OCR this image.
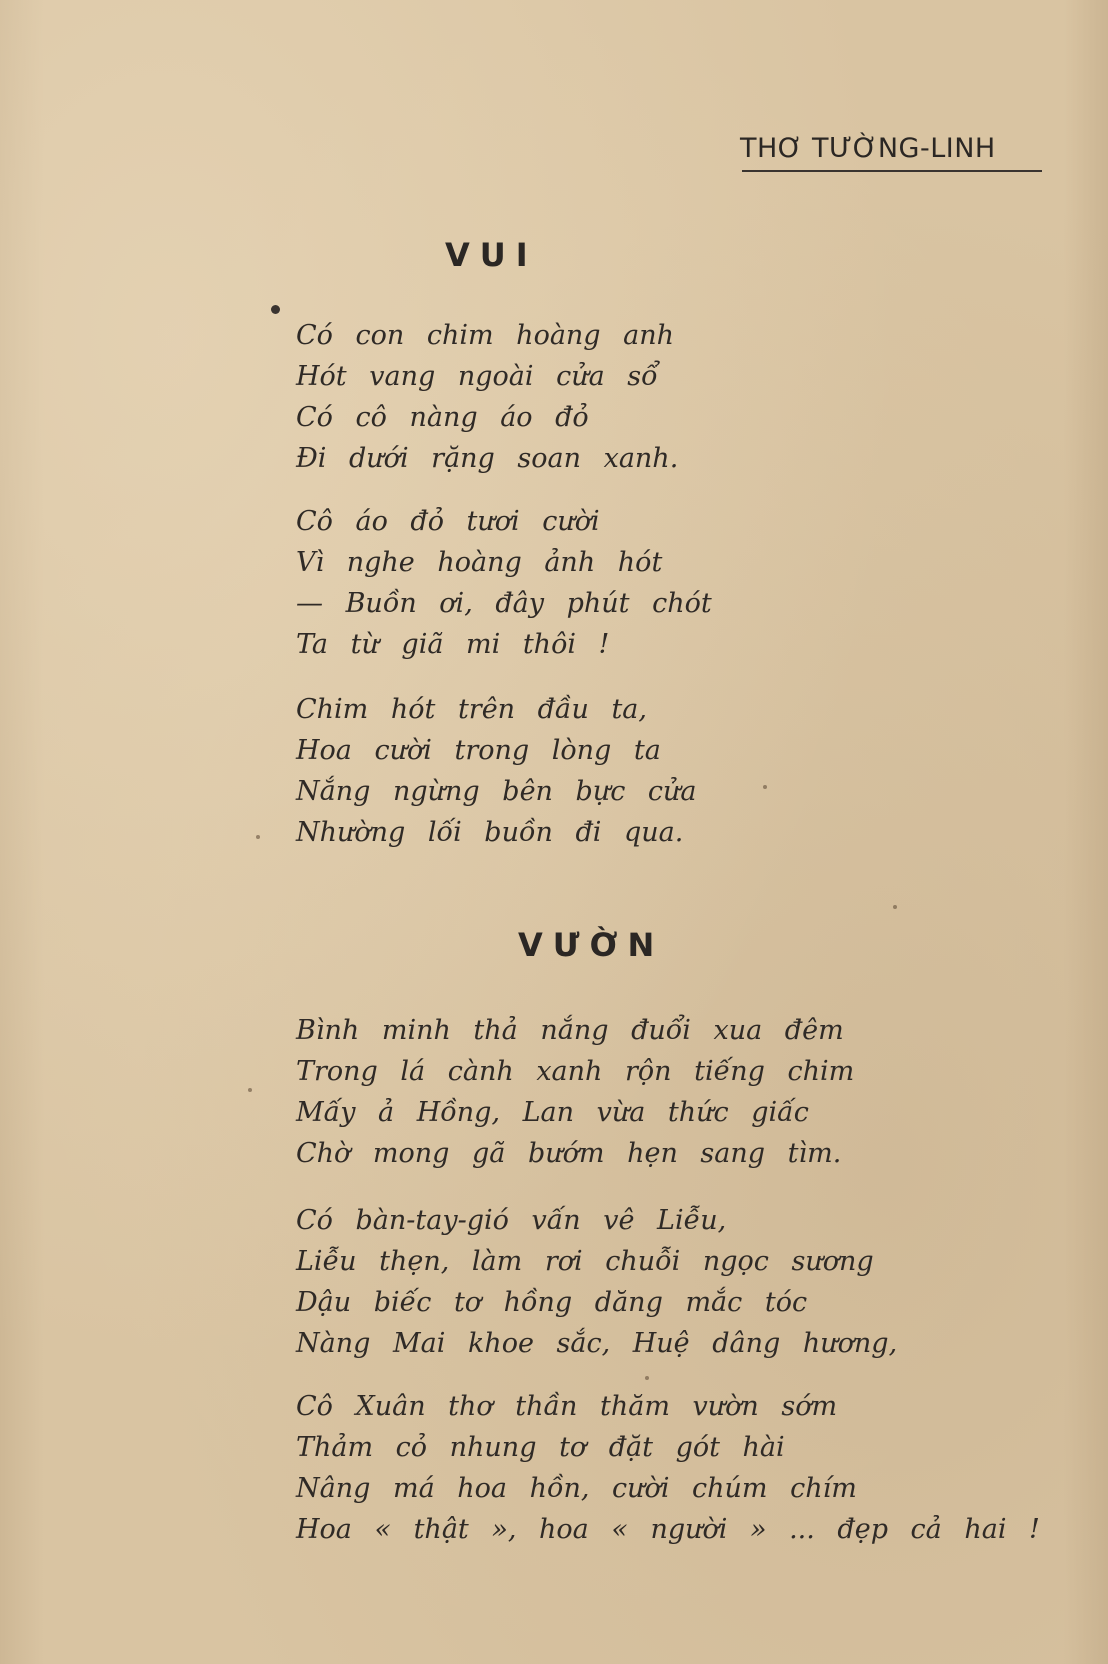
THƠ TƯỜNG-LINH
VUI
Có con chim hoàng anh
Hót vang ngoài cửa sổ
Có cô nàng áo đỏ
Đi dưới rặng soan xanh.
Cô áo đỏ tươi cười
Vì nghe hoàng ảnh hót
— Buồn ơi, đây phút chót
Ta từ giã mi thôi !
Chim hót trên đầu ta,
Hoa cười trong lòng ta
Nắng ngừng bên bực cửa
Nhường lối buồn đi qua.
VƯỜN
Bình minh thả nắng đuổi xua đêm
Trong lá cành xanh rộn tiếng chim
Mấy ả Hồng, Lan vừa thức giấc
Chờ mong gã bướm hẹn sang tìm.
Có bàn-tay-gió vấn vê Liễu,
Liễu thẹn, làm rơi chuỗi ngọc sương
Dậu biếc tơ hồng dăng mắc tóc
Nàng Mai khoe sắc, Huệ dâng hương,
Cô Xuân thơ thần thăm vườn sớm
Thảm cỏ nhung tơ đặt gót hài
Nâng má hoa hồn, cười chúm chím
Hoa « thật », hoa « người » ... đẹp cả hai !
